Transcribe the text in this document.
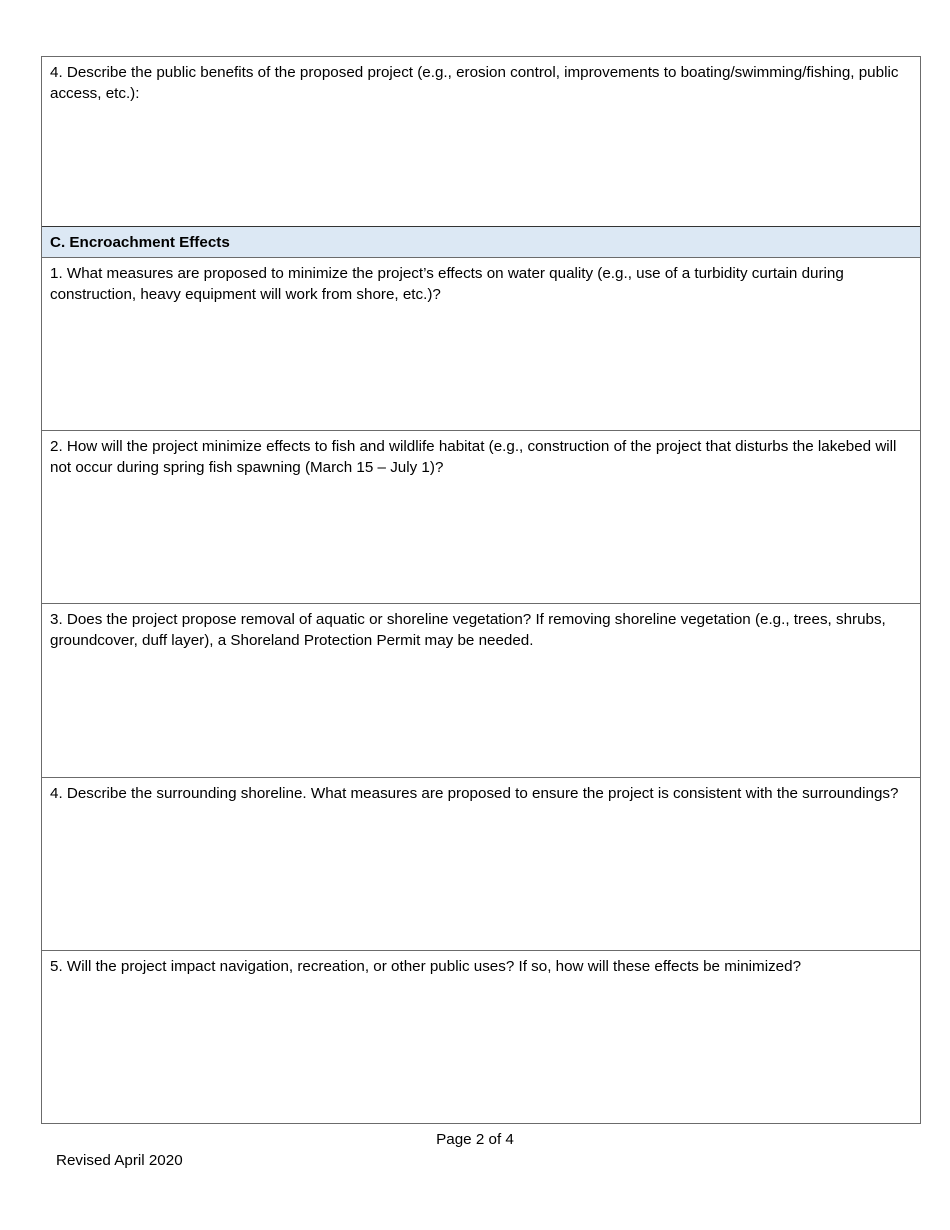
4. Describe the public benefits of the proposed project (e.g., erosion control, improvements to boating/swimming/fishing, public access, etc.):
C. Encroachment Effects
1. What measures are proposed to minimize the project’s effects on water quality (e.g., use of a turbidity curtain during construction, heavy equipment will work from shore, etc.)?
2. How will the project minimize effects to fish and wildlife habitat (e.g., construction of the project that disturbs the lakebed will not occur during spring fish spawning (March 15 – July 1)?
3. Does the project propose removal of aquatic or shoreline vegetation? If removing shoreline vegetation (e.g., trees, shrubs, groundcover, duff layer), a Shoreland Protection Permit may be needed.
4. Describe the surrounding shoreline. What measures are proposed to ensure the project is consistent with the surroundings?
5. Will the project impact navigation, recreation, or other public uses? If so, how will these effects be minimized?
Page 2 of 4
Revised April 2020
